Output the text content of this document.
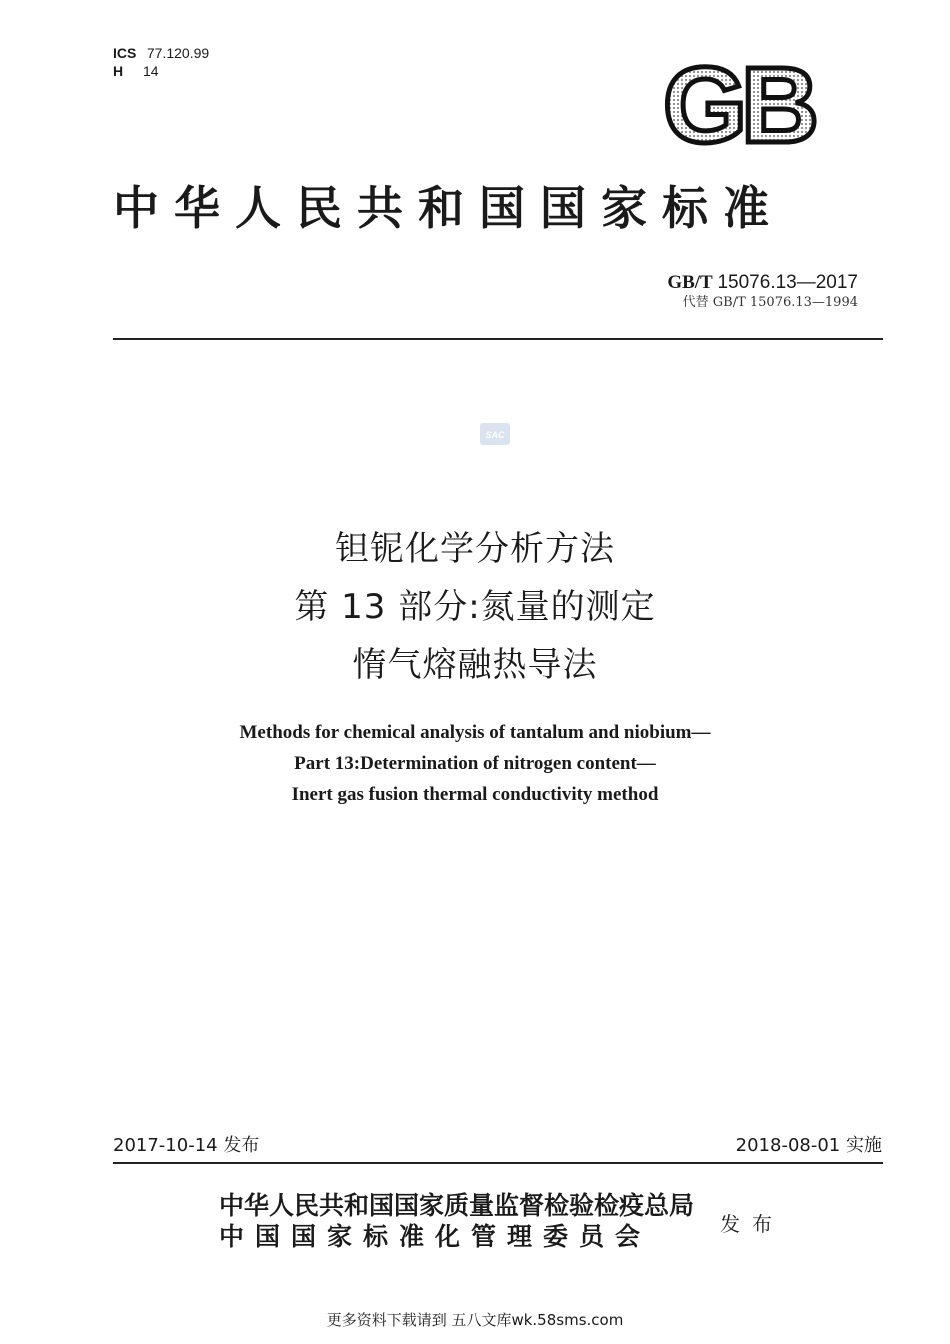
ICS 77.120.99
H 14	GB
中华人民共和国国家标准
GB/T 15076.13—2017
代替 GB/T 15076.13—1994
SAC
钽铌化学分析方法
第 13 部分:氮量的测定
惰气熔融热导法
Methods for chemical analysis of tantalum and niobium—
Part 13:Determination of nitrogen content—
Inert gas fusion thermal conductivity method
2017-10-14 发布	2018-08-01 实施
中华人民共和国国家质量监督检验检疫总局
中国国家标准化管理委员会	发布
更多资料下载请到 五八文库wk.58sms.com
